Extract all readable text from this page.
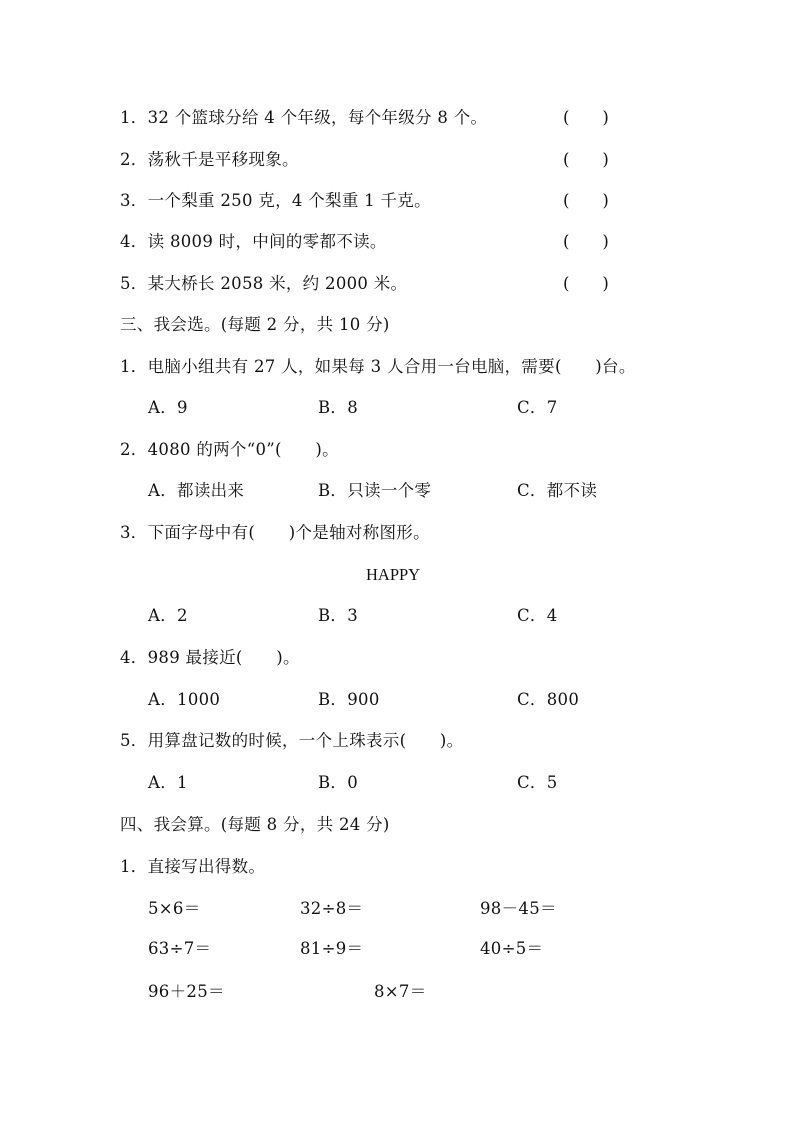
1．32 个篮球分给 4 个年级，每个年级分 8 个。	(　　)
2．荡秋千是平移现象。	(　　)
3．一个梨重 250 克，4 个梨重 1 千克。	(　　)
4．读 8009 时，中间的零都不读。	(　　)
5．某大桥长 2058 米，约 2000 米。	(　　)
三、我会选。(每题 2 分，共 10 分)
1．电脑小组共有 27 人，如果每 3 人合用一台电脑，需要(　　)台。
A．9	B．8	C．7
2．4080 的两个“0”(　　)。
A．都读出来	B．只读一个零	C．都不读
3．下面字母中有(　　)个是轴对称图形。
HAPPY
A．2	B．3	C．4
4．989 最接近(　　)。
A．1000	B．900	C．800
5．用算盘记数的时候，一个上珠表示(　　)。
A．1	B．0	C．5
四、我会算。(每题 8 分，共 24 分)
1．直接写出得数。
5×6＝	32÷8＝	98－45＝
63÷7＝	81÷9＝	40÷5＝
96＋25＝	8×7＝
